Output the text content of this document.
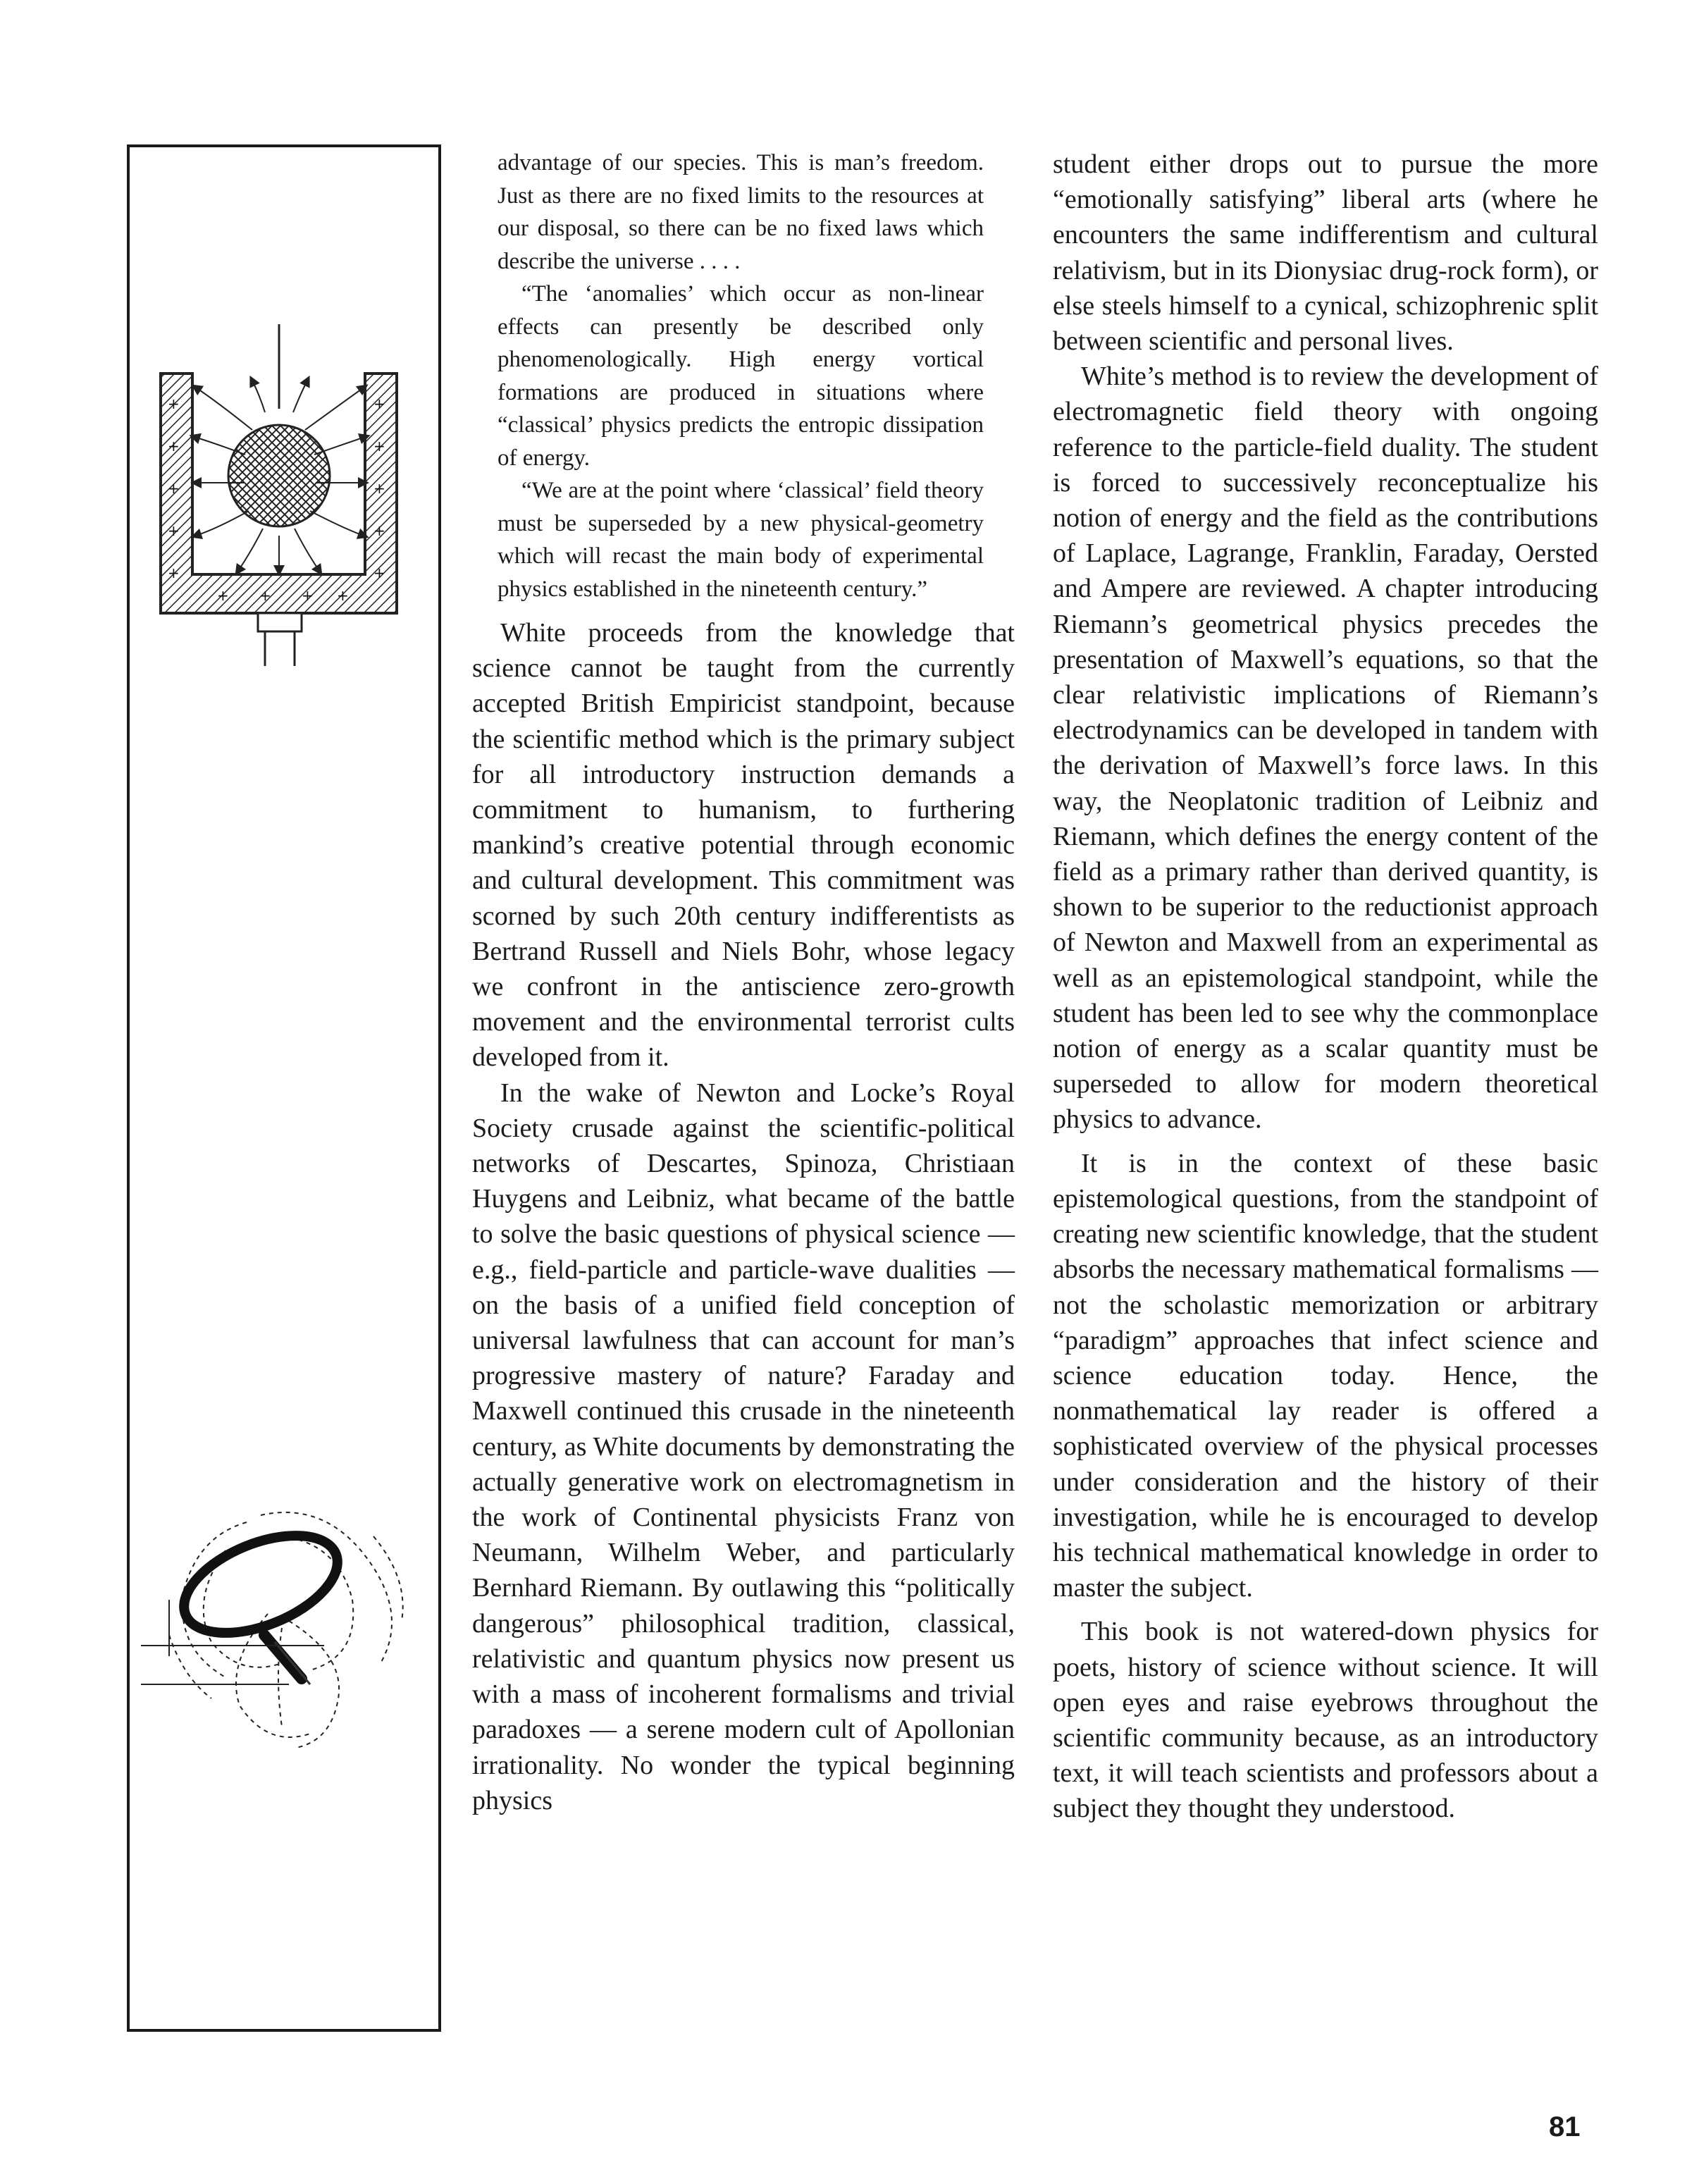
+
+
+
+
+
+
+
+
+
+
+ + + +

advantage of our species. This is man’s freedom. Just as there are no fixed limits to the resources at our disposal, so there can be no fixed laws which describe the universe . . . .

“The ‘anomalies’ which occur as non-linear effects can presently be described only phenomenologically. High energy vortical formations are produced in situations where “classical’ physics predicts the entropic dissipation of energy.

“We are at the point where ‘classical’ field theory must be superseded by a new physical-geometry which will recast the main body of experimental physics established in the nineteenth century.”

White proceeds from the knowledge that science cannot be taught from the currently accepted British Empiricist standpoint, because the scientific method which is the primary subject for all introductory instruction demands a commitment to humanism, to furthering mankind’s creative potential through economic and cultural development. This commitment was scorned by such 20th century indifferentists as Bertrand Russell and Niels Bohr, whose legacy we confront in the antiscience zero-growth movement and the environmental terrorist cults developed from it.

In the wake of Newton and Locke’s Royal Society crusade against the scientific-political networks of Descartes, Spinoza, Christiaan Huygens and Leibniz, what became of the battle to solve the basic questions of physical science — e.g., field-particle and particle-wave dualities — on the basis of a unified field conception of universal lawfulness that can account for man’s progressive mastery of nature? Faraday and Maxwell continued this crusade in the nineteenth century, as White documents by demonstrating the actually generative work on electromagnetism in the work of Continental physicists Franz von Neumann, Wilhelm Weber, and particularly Bernhard Riemann. By outlawing this “politically dangerous” philosophical tradition, classical, relativistic and quantum physics now present us with a mass of incoherent formalisms and trivial paradoxes — a serene modern cult of Apollonian irrationality. No wonder the typical beginning physics

student either drops out to pursue the more “emotionally satisfying” liberal arts (where he encounters the same indifferentism and cultural relativism, but in its Dionysiac drug-rock form), or else steels himself to a cynical, schizophrenic split between scientific and personal lives.

White’s method is to review the development of electromagnetic field theory with ongoing reference to the particle-field duality. The student is forced to successively reconceptualize his notion of energy and the field as the contributions of Laplace, Lagrange, Franklin, Faraday, Oersted and Ampere are reviewed. A chapter introducing Riemann’s geometrical physics precedes the presentation of Maxwell’s equations, so that the clear relativistic implications of Riemann’s electrodynamics can be developed in tandem with the derivation of Maxwell’s force laws. In this way, the Neoplatonic tradition of Leibniz and Riemann, which defines the energy content of the field as a primary rather than derived quantity, is shown to be superior to the reductionist approach of Newton and Maxwell from an experimental as well as an epistemological standpoint, while the student has been led to see why the commonplace notion of energy as a scalar quantity must be superseded to allow for modern theoretical physics to advance.

It is in the context of these basic epistemological questions, from the standpoint of creating new scientific knowledge, that the student absorbs the necessary mathematical formalisms — not the scholastic memorization or arbitrary “paradigm” approaches that infect science and science education today. Hence, the nonmathematical lay reader is offered a sophisticated overview of the physical processes under consideration and the history of their investigation, while he is encouraged to develop his technical mathematical knowledge in order to master the subject.

This book is not watered-down physics for poets, history of science without science. It will open eyes and raise eyebrows throughout the scientific community because, as an introductory text, it will teach scientists and professors about a subject they thought they understood.

81
